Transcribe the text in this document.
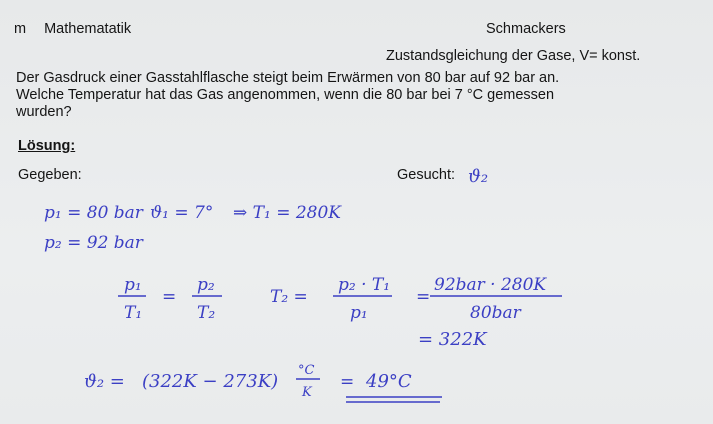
m Mathematatik	Schmackers
Zustandsgleichung der Gase, V= konst.
Der Gasdruck einer Gasstahlflasche steigt beim Erwärmen von 80 bar auf 92 bar an.
Welche Temperatur hat das Gas angenommen, wenn die 80 bar bei 7 °C gemessen
wurden?
Lösung:
Gegeben:	Gesucht: ϑ₂
p₁ = 80 bar ϑ₁ = 7° ⇒ T₁ = 280K
p₂ = 92 bar
p₁
T₁
=
p₂
T₂
T₂ =
p₂ · T₁
p₁
=
92bar · 280K
80bar
= 322K
ϑ₂ = (322K − 273K)
°C
K
= 49°C
